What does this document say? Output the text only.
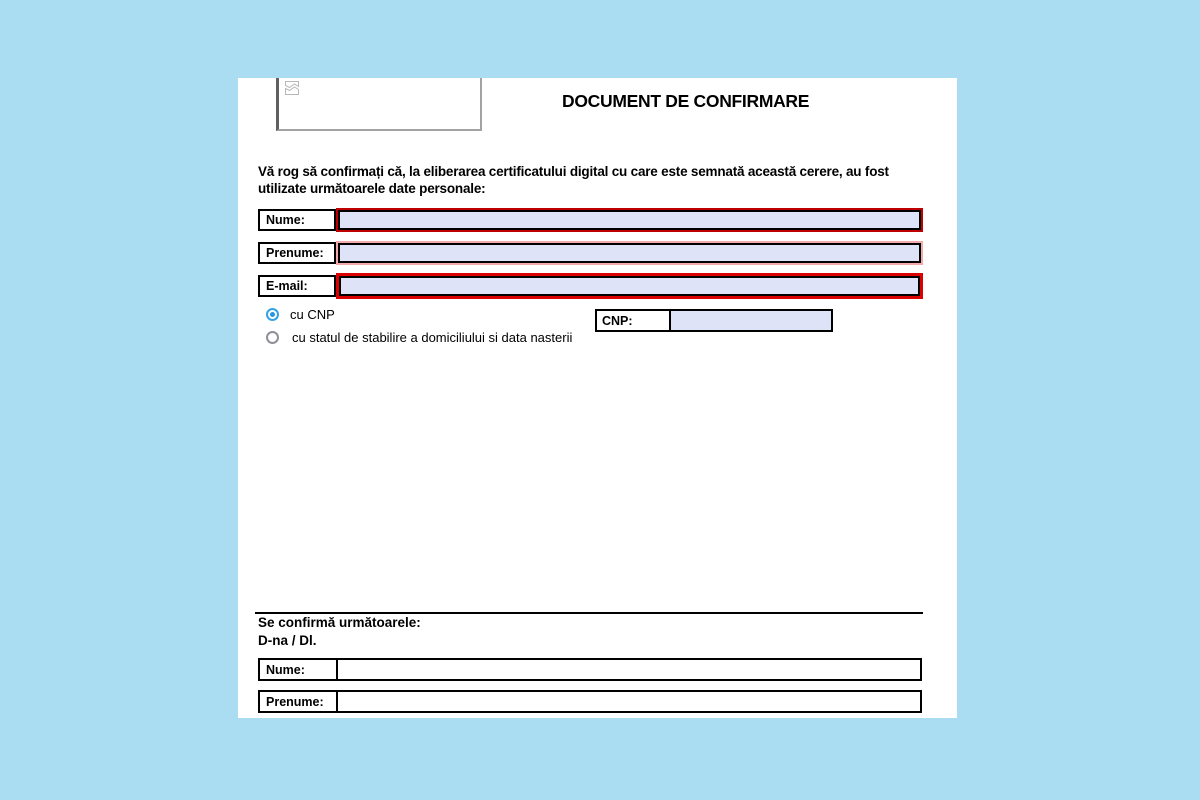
DOCUMENT DE CONFIRMARE
Vă rog să confirmați că, la eliberarea certificatului digital cu care este semnată această cerere, au fost utilizate următoarele date personale:
Nume:
Prenume:
E-mail:
cu CNP
cu statul de stabilire a domiciliului si data nasterii
CNP:
Se confirmă următoarele:
D-na / Dl.
Nume:
Prenume:
